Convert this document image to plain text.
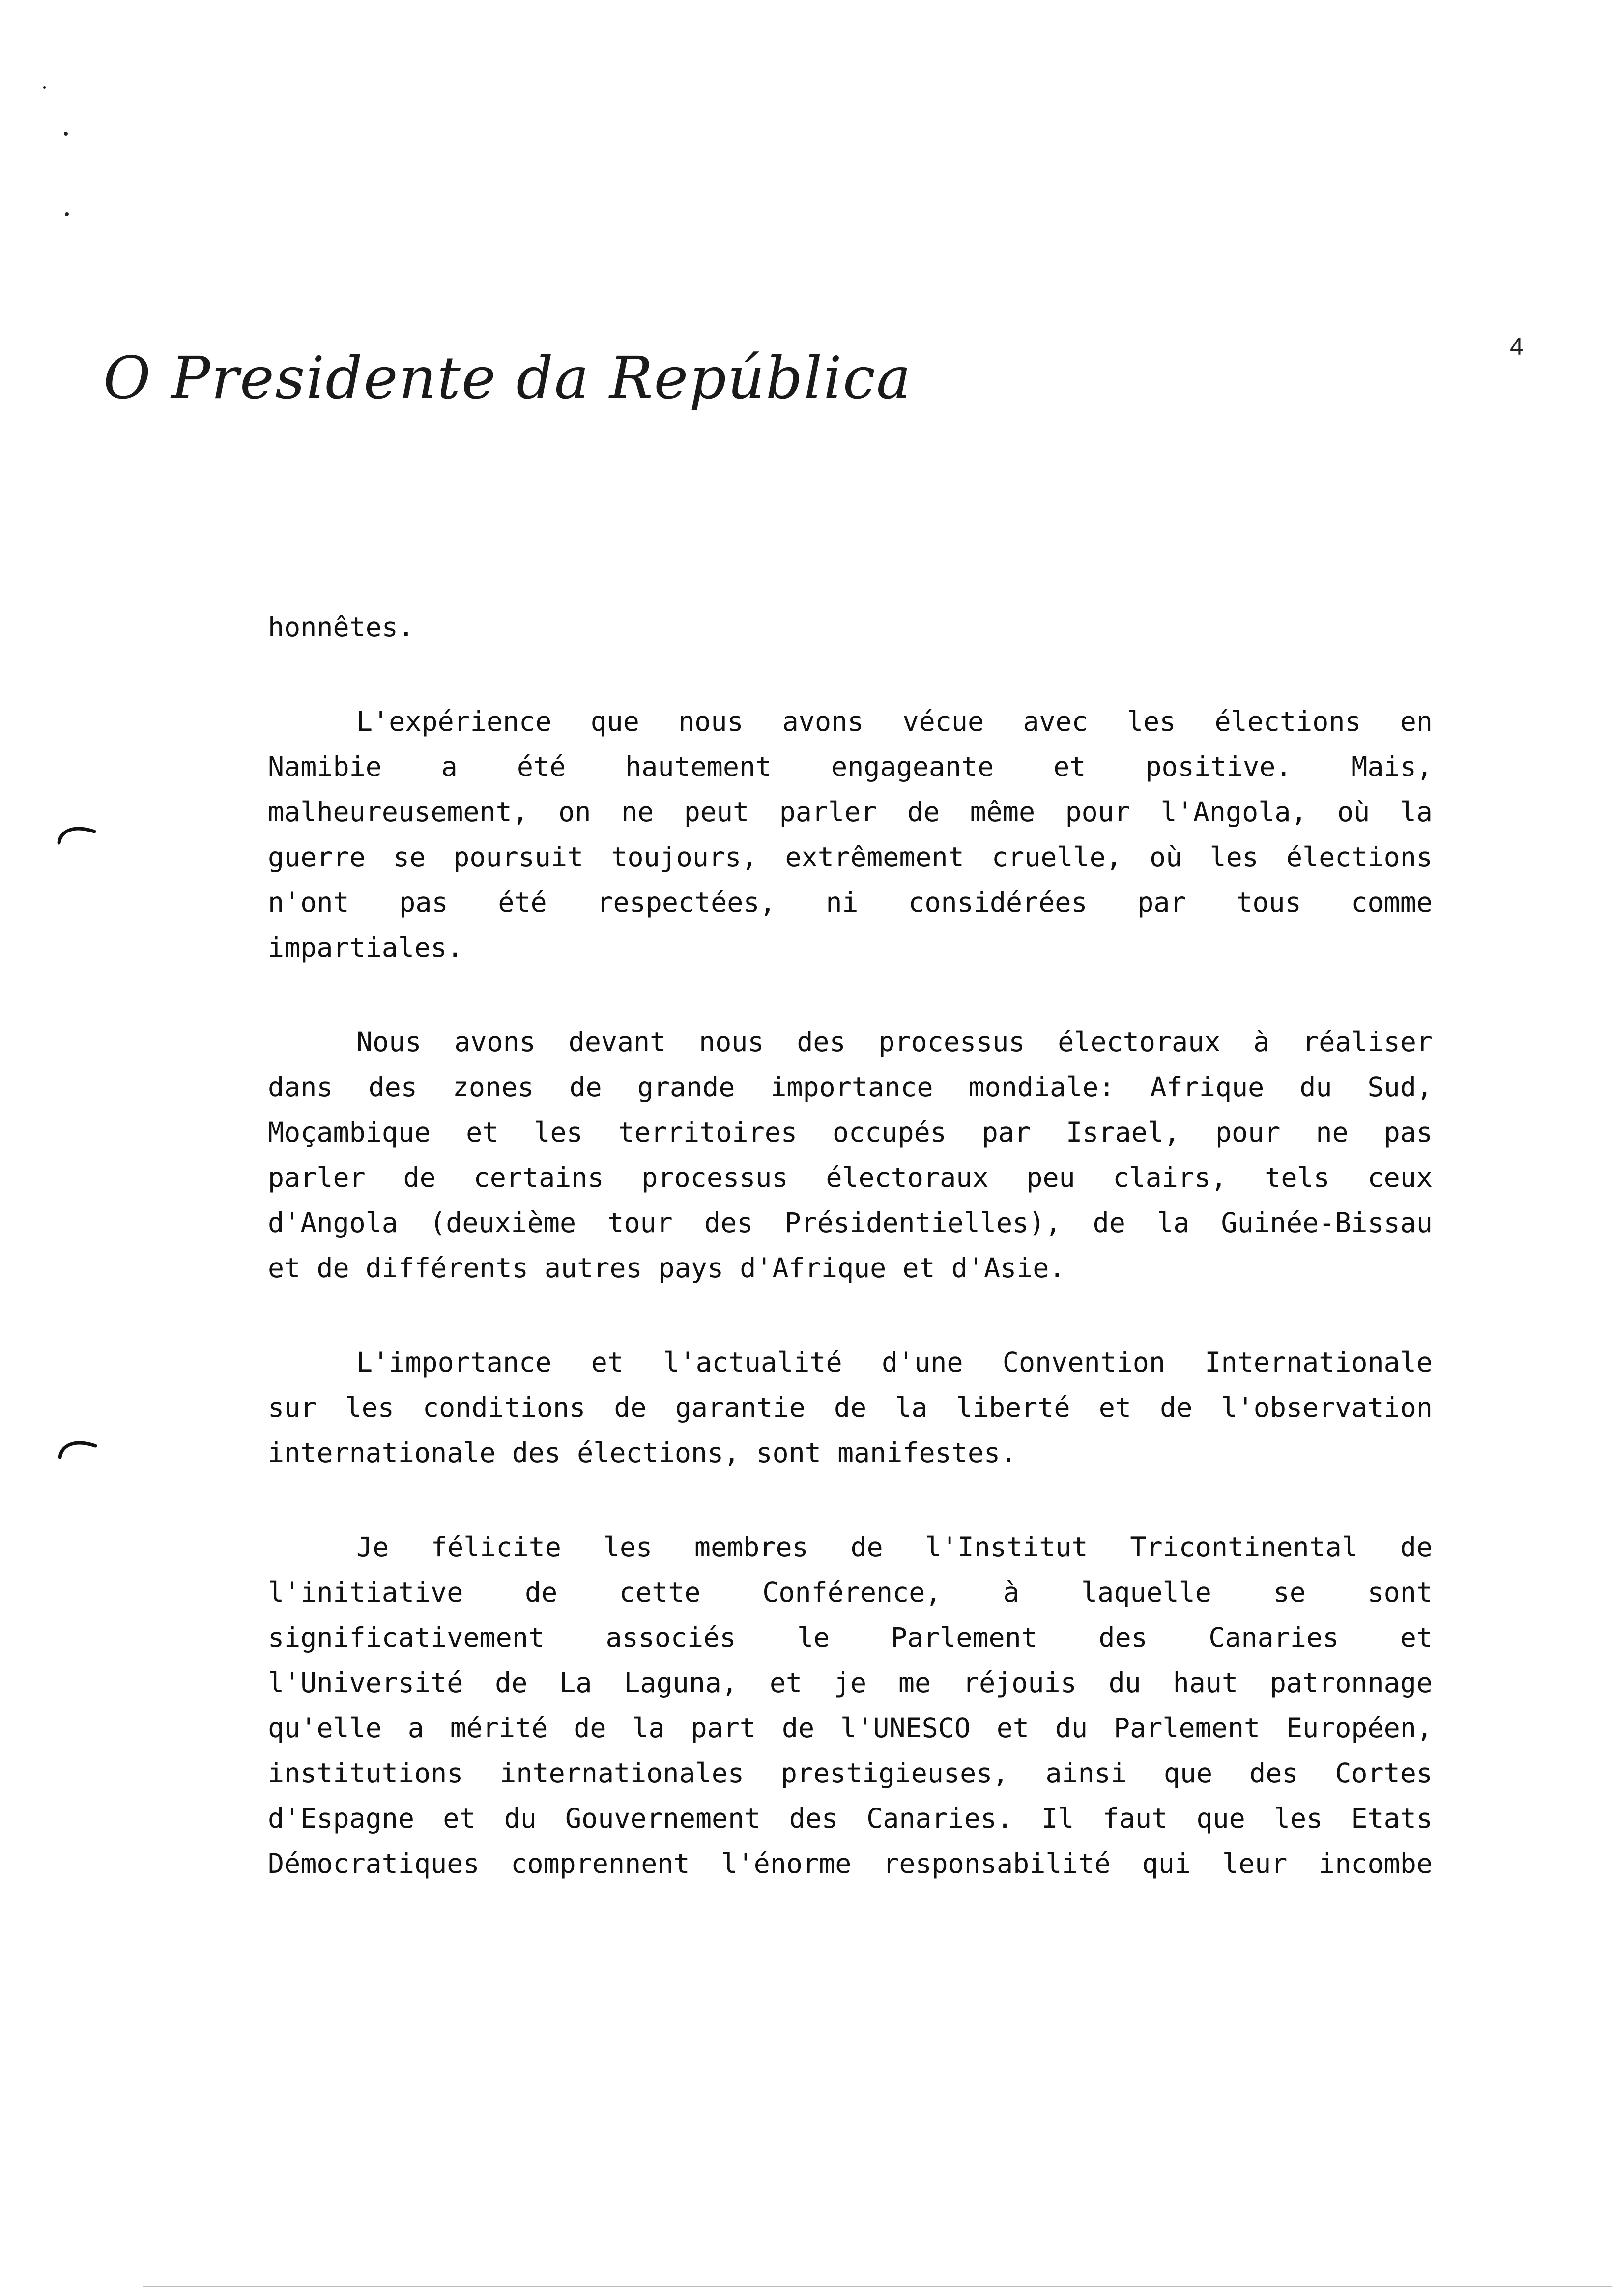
O Presidente da República	4
honnêtes.
L'expérience que nous avons vécue avec les élections en
Namibie a été hautement engageante et positive. Mais,
malheureusement, on ne peut parler de même pour l'Angola, où la
guerre se poursuit toujours, extrêmement cruelle, où les élections
n'ont pas été respectées, ni considérées par tous comme
impartiales.
Nous avons devant nous des processus électoraux à réaliser
dans des zones de grande importance mondiale: Afrique du Sud,
Moçambique et les territoires occupés par Israel, pour ne pas
parler de certains processus électoraux peu clairs, tels ceux
d'Angola (deuxième tour des Présidentielles), de la Guinée-Bissau
et de différents autres pays d'Afrique et d'Asie.
L'importance et l'actualité d'une Convention Internationale
sur les conditions de garantie de la liberté et de l'observation
internationale des élections, sont manifestes.
Je félicite les membres de l'Institut Tricontinental de
l'initiative de cette Conférence, à laquelle se sont
significativement associés le Parlement des Canaries et
l'Université de La Laguna, et je me réjouis du haut patronnage
qu'elle a mérité de la part de l'UNESCO et du Parlement Européen,
institutions internationales prestigieuses, ainsi que des Cortes
d'Espagne et du Gouvernement des Canaries. Il faut que les Etats
Démocratiques comprennent l'énorme responsabilité qui leur incombe
